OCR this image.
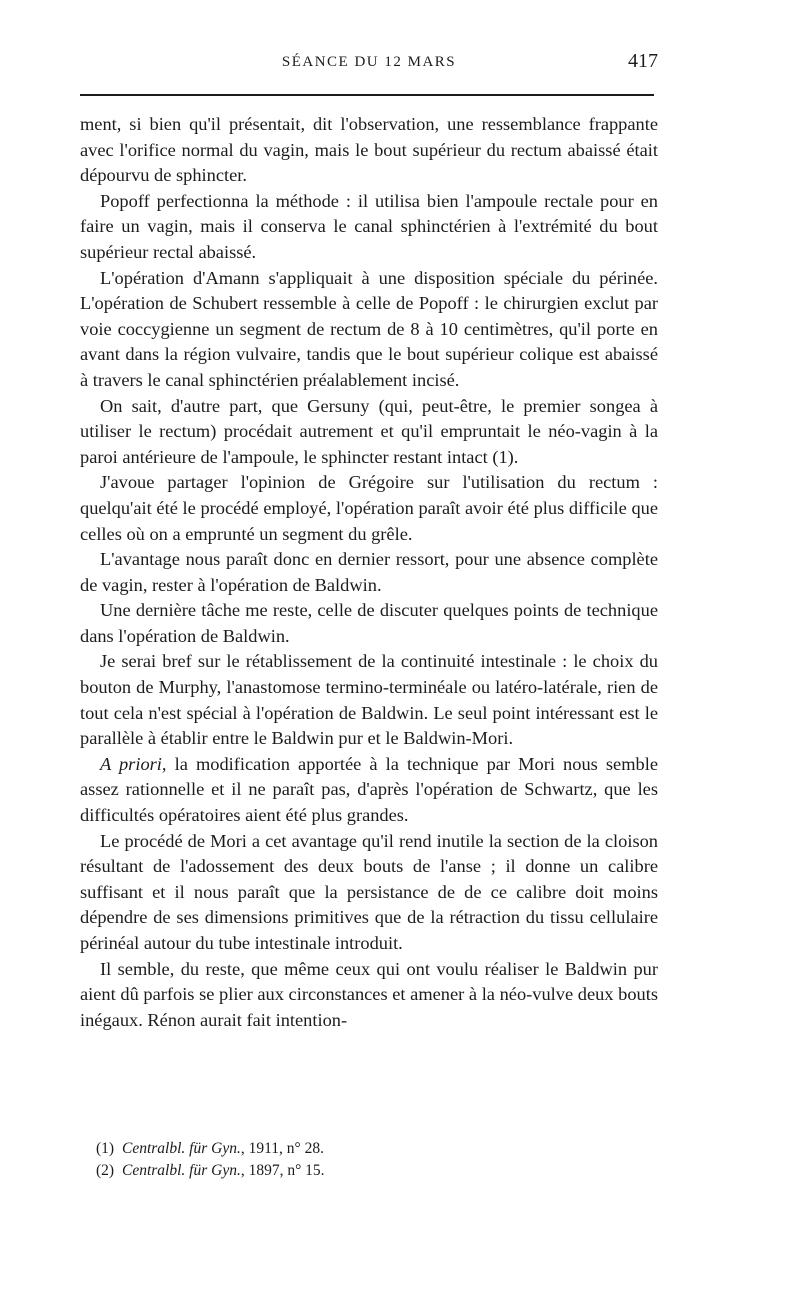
SÉANCE DU 12 MARS	417

ment, si bien qu'il présentait, dit l'observation, une ressemblance frappante avec l'orifice normal du vagin, mais le bout supérieur du rectum abaissé était dépourvu de sphincter.

Popoff perfectionna la méthode : il utilisa bien l'ampoule rectale pour en faire un vagin, mais il conserva le canal sphinctérien à l'extrémité du bout supérieur rectal abaissé.

L'opération d'Amann s'appliquait à une disposition spéciale du périnée. L'opération de Schubert ressemble à celle de Popoff : le chirurgien exclut par voie coccygienne un segment de rectum de 8 à 10 centimètres, qu'il porte en avant dans la région vulvaire, tandis que le bout supérieur colique est abaissé à travers le canal sphinctérien préalablement incisé.

On sait, d'autre part, que Gersuny (qui, peut-être, le premier songea à utiliser le rectum) procédait autrement et qu'il empruntait le néo-vagin à la paroi antérieure de l'ampoule, le sphincter restant intact (1).

J'avoue partager l'opinion de Grégoire sur l'utilisation du rectum : quelqu'ait été le procédé employé, l'opération paraît avoir été plus difficile que celles où on a emprunté un segment du grêle.

L'avantage nous paraît donc en dernier ressort, pour une absence complète de vagin, rester à l'opération de Baldwin.

Une dernière tâche me reste, celle de discuter quelques points de technique dans l'opération de Baldwin.

Je serai bref sur le rétablissement de la continuité intestinale : le choix du bouton de Murphy, l'anastomose termino-terminéale ou latéro-latérale, rien de tout cela n'est spécial à l'opération de Baldwin. Le seul point intéressant est le parallèle à établir entre le Baldwin pur et le Baldwin-Mori.

A priori, la modification apportée à la technique par Mori nous semble assez rationnelle et il ne paraît pas, d'après l'opération de Schwartz, que les difficultés opératoires aient été plus grandes.

Le procédé de Mori a cet avantage qu'il rend inutile la section de la cloison résultant de l'adossement des deux bouts de l'anse ; il donne un calibre suffisant et il nous paraît que la persistance de de ce calibre doit moins dépendre de ses dimensions primitives que de la rétraction du tissu cellulaire périnéal autour du tube intestinale introduit.

Il semble, du reste, que même ceux qui ont voulu réaliser le Baldwin pur aient dû parfois se plier aux circonstances et amener à la néo-vulve deux bouts inégaux. Rénon aurait fait intention-

(1) Centralbl. für Gyn., 1911, n° 28.

(2) Centralbl. für Gyn., 1897, n° 15.
